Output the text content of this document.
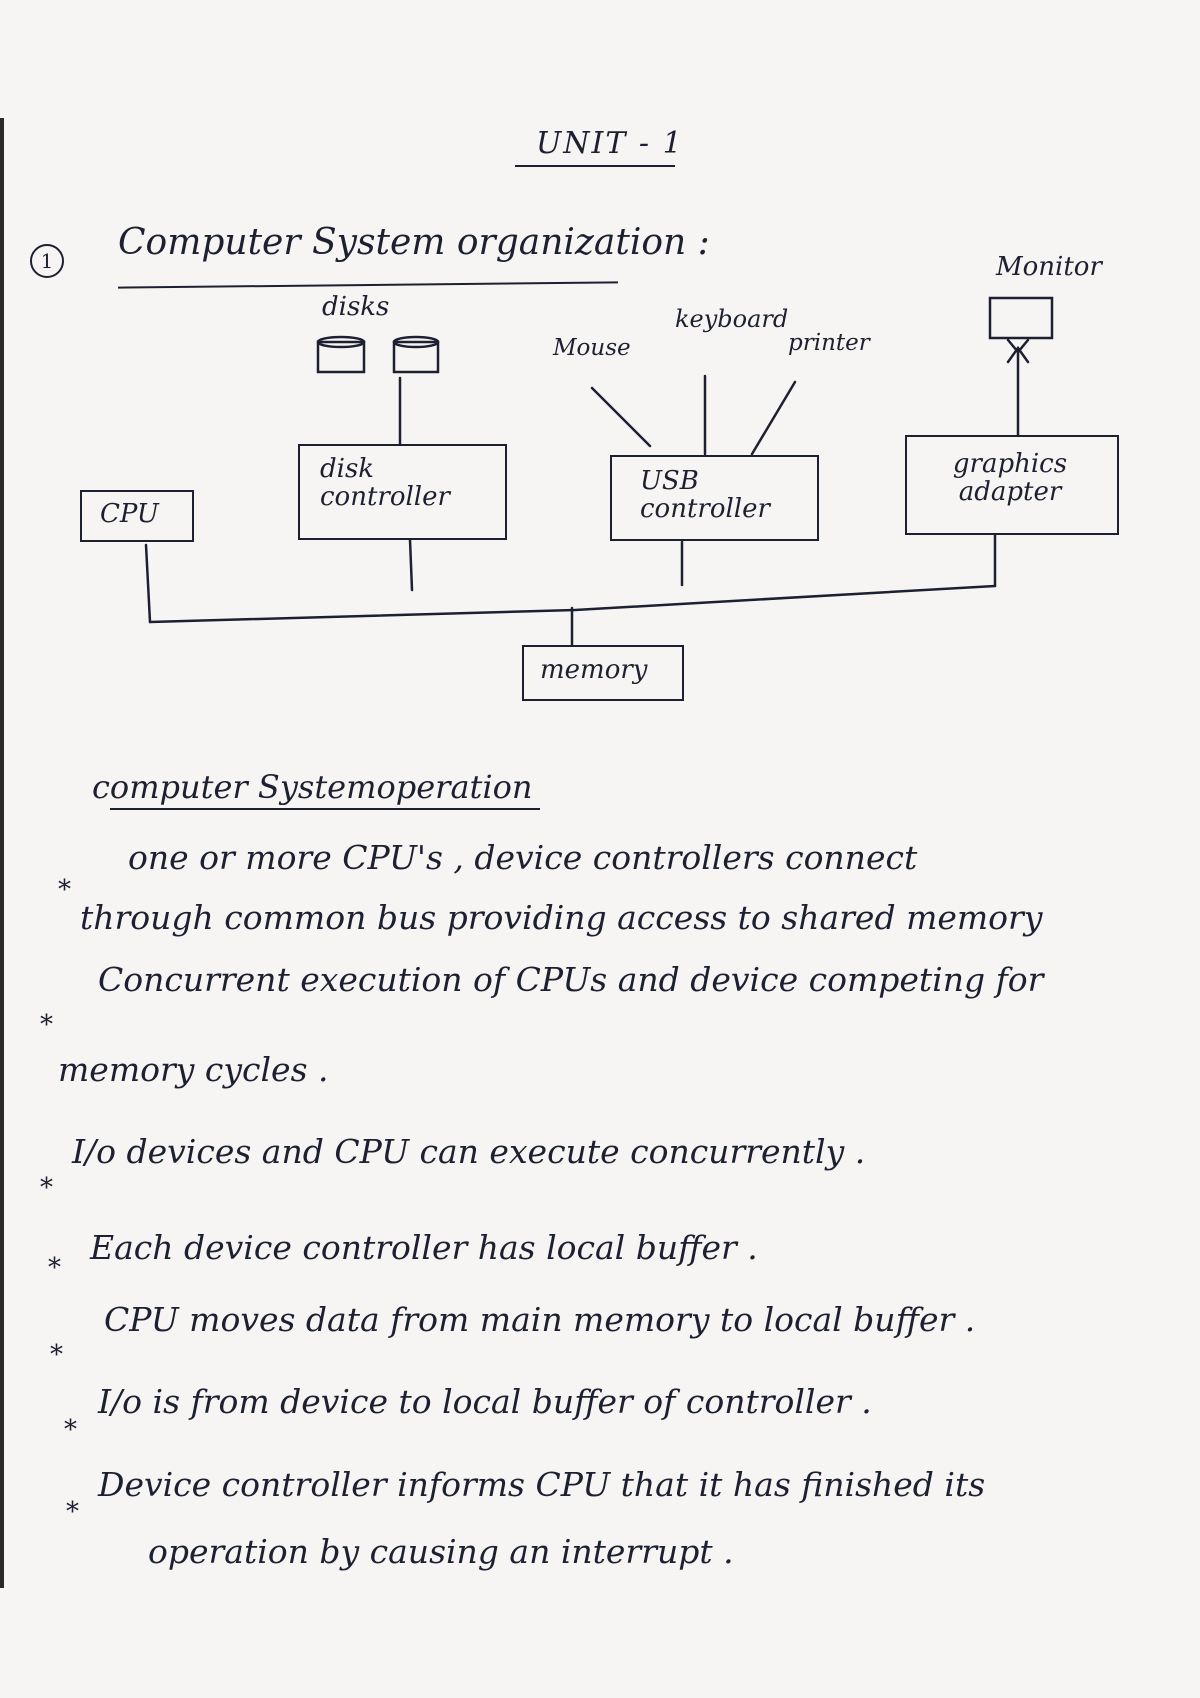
UNIT - 1
1 Computer System organization :
CPU
disks
disk controller
Mouse
keyboard
printer
USB controller
Monitor
graphics adapter
memory
computer Systemoperation
*
one or more CPU's , device controllers connect
through common bus providing access to shared memory
*
Concurrent execution of CPUs and device competing for
memory cycles .
*
I/o devices and CPU can execute concurrently .
*
Each device controller has local buffer .
*
CPU moves data from main memory to local buffer .
*
I/o is from device to local buffer of controller .
*
Device controller informs CPU that it has finished its
operation by causing an interrupt .
